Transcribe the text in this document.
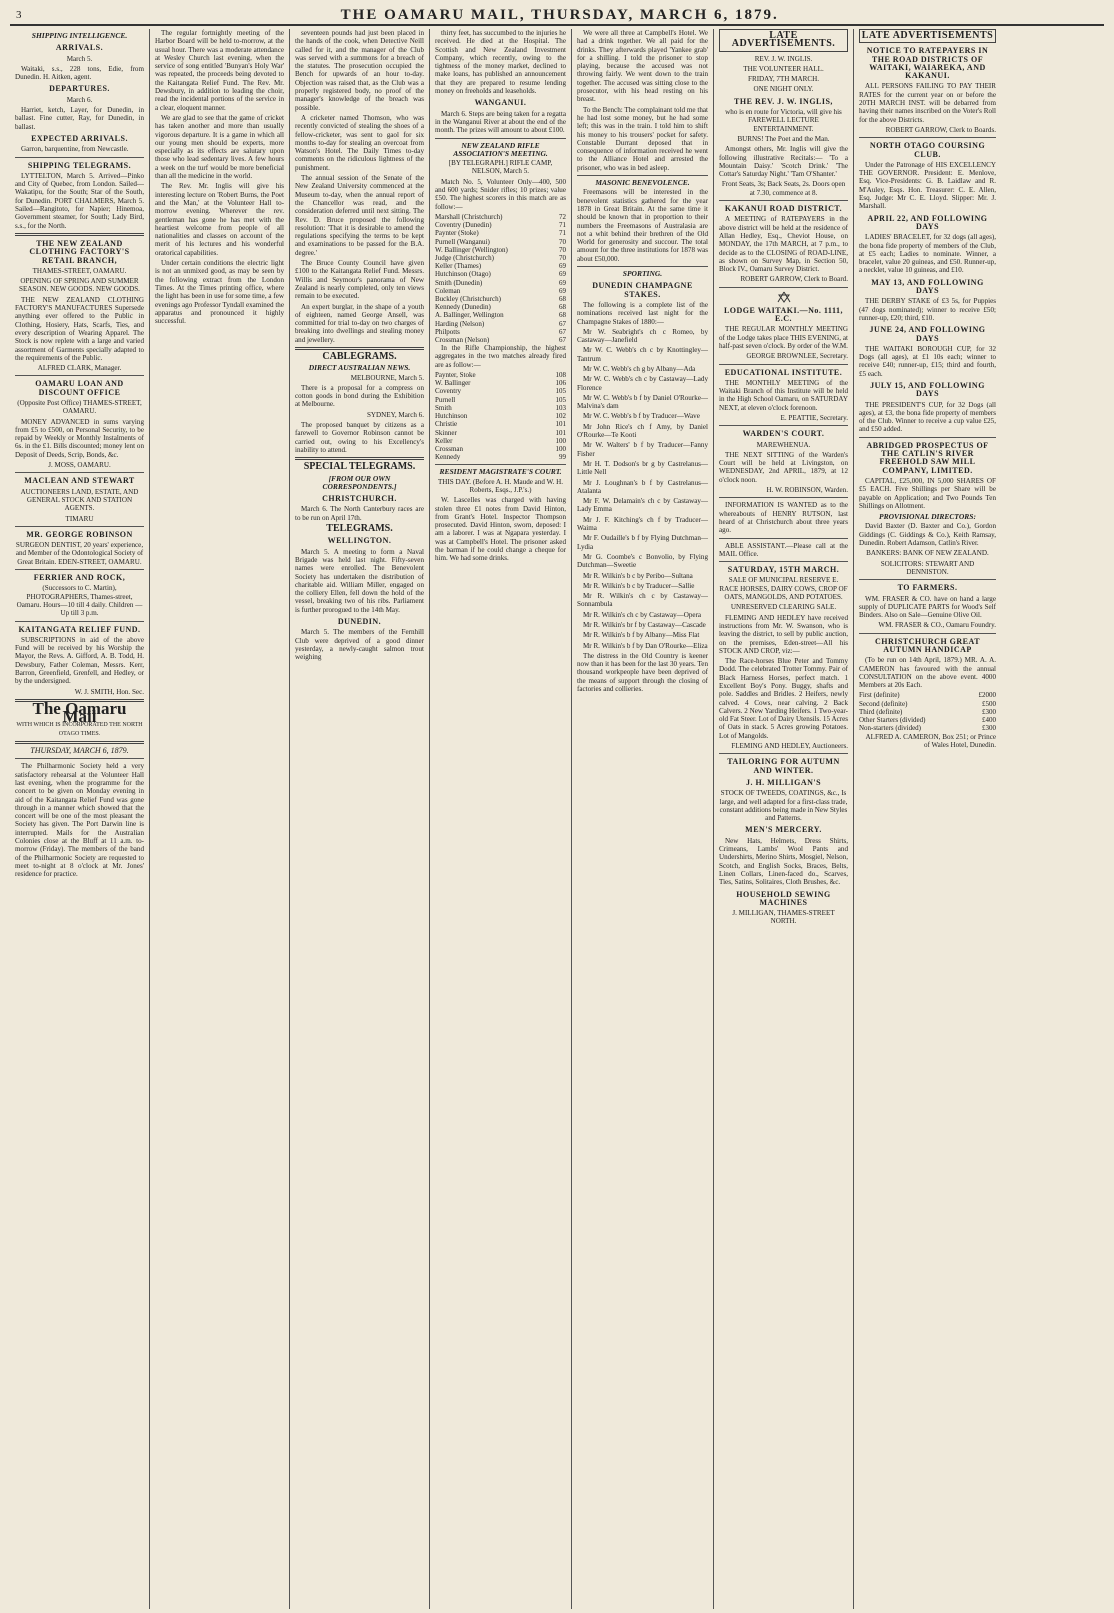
3	THE OAMARU MAIL, THURSDAY, MARCH 6, 1879.
SHIPPING INTELLIGENCE.
ARRIVALS.

March 5.

Waitaki, s.s., 228 tons, Edie, from Dunedin. H. Aitken, agent.

DEPARTURES.

March 6.

Harriet, ketch, Layer, for Dunedin, in ballast. Fine cutter, Ray, for Dunedin, in ballast.

EXPECTED ARRIVALS.

Garron, barquentine, from Newcastle.

SHIPPING TELEGRAMS.

LYTTELTON, March 5. Arrived—Pinko and City of Quebec, from London. Sailed—Wakatipu, for the South; Star of the South, for Dunedin. PORT CHALMERS, March 5. Sailed—Rangitoto, for Napier; Hinemoa, Government steamer, for South; Lady Bird, s.s., for the North.

THE NEW ZEALAND CLOTHING FACTORY'S RETAIL BRANCH,

THAMES-STREET, OAMARU.

OPENING OF SPRING AND SUMMER SEASON. NEW GOODS. NEW GOODS.

THE NEW ZEALAND CLOTHING FACTORY'S MANUFACTURES Supersede anything ever offered to the Public in Clothing, Hosiery, Hats, Scarfs, Ties, and every description of Wearing Apparel. The Stock is now replete with a large and varied assortment of Garments specially adapted to the requirements of the Public.

ALFRED CLARK, Manager.

OAMARU LOAN AND DISCOUNT OFFICE

(Opposite Post Office) THAMES-STREET, OAMARU.

MONEY ADVANCED in sums varying from £5 to £500, on Personal Security, to be repaid by Weekly or Monthly Instalments of 6s. in the £1. Bills discounted; money lent on Deposit of Deeds, Scrip, Bonds, &c.

J. MOSS, OAMARU.

MACLEAN AND STEWART

AUCTIONEERS LAND, ESTATE, AND GENERAL STOCK AND STATION AGENTS.

TIMARU

MR. GEORGE ROBINSON

SURGEON DENTIST, 20 years' experience, and Member of the Odontological Society of Great Britain. EDEN-STREET, OAMARU.

FERRIER AND ROCK,

(Successors to C. Martin), PHOTOGRAPHERS, Thames-street, Oamaru. Hours—10 till 4 daily. Children — Up till 3 p.m.

KAITANGATA RELIEF FUND.

SUBSCRIPTIONS in aid of the above Fund will be received by his Worship the Mayor, the Revs. A. Gifford, A. B. Todd, H. Dewsbury, Father Coleman, Messrs. Kerr, Barron, Greenfield, Grenfell, and Hedley, or by the undersigned.

W. J. SMITH, Hon. Sec.

The Oamaru Mail
WITH WHICH IS INCORPORATED THE NORTH OTAGO TIMES.
THURSDAY, MARCH 6, 1879.

The Philharmonic Society held a very satisfactory rehearsal at the Volunteer Hall last evening, when the programme for the concert to be given on Monday evening in aid of the Kaitangata Relief Fund was gone through in a manner which showed that the concert will be one of the most pleasant the Society has given. The Port Darwin line is interrupted. Mails for the Australian Colonies close at the Bluff at 11 a.m. to-morrow (Friday). The members of the band of the Philharmonic Society are requested to meet to-night at 8 o'clock at Mr. Jones' residence for practice.

The regular fortnightly meeting of the Harbor Board will be held to-morrow, at the usual hour. There was a moderate attendance at Wesley Church last evening, when the service of song entitled 'Bunyan's Holy War' was repeated, the proceeds being devoted to the Kaitangata Relief Fund. The Rev. Mr. Dewsbury, in addition to leading the choir, read the incidental portions of the service in a clear, eloquent manner.

We are glad to see that the game of cricket has taken another and more than usually vigorous departure. It is a game in which all our young men should be experts, more especially as its effects are salutary upon those who lead sedentary lives. A few hours a week on the turf would be more beneficial than all the medicine in the world.

The Rev. Mr. Inglis will give his interesting lecture on 'Robert Burns, the Poet and the Man,' at the Volunteer Hall to-morrow evening. Wherever the rev. gentleman has gone he has met with the heartiest welcome from people of all nationalities and classes on account of the merit of his lectures and his wonderful oratorical capabilities.

Under certain conditions the electric light is not an unmixed good, as may be seen by the following extract from the London Times. At the Times printing office, where the light has been in use for some time, a few evenings ago Professor Tyndall examined the apparatus and pronounced it highly successful.

seventeen pounds had just been placed in the hands of the cook, when Detective Neill called for it, and the manager of the Club was served with a summons for a breach of the statutes. The prosecution occupied the Bench for upwards of an hour to-day. Objection was raised that, as the Club was a properly registered body, no proof of the manager's knowledge of the breach was possible.

A cricketer named Thomson, who was recently convicted of stealing the shoes of a fellow-cricketer, was sent to gaol for six months to-day for stealing an overcoat from Watson's Hotel. The Daily Times to-day comments on the ridiculous lightness of the punishment.

The annual session of the Senate of the New Zealand University commenced at the Museum to-day, when the annual report of the Chancellor was read, and the consideration deferred until next sitting. The Rev. D. Bruce proposed the following resolution: 'That it is desirable to amend the regulations specifying the terms to be kept and examinations to be passed for the B.A. degree.'

The Bruce County Council have given £100 to the Kaitangata Relief Fund. Messrs. Willis and Seymour's panorama of New Zealand is nearly completed, only ten views remain to be executed.

An expert burglar, in the shape of a youth of eighteen, named George Ansell, was committed for trial to-day on two charges of breaking into dwellings and stealing money and jewellery.

CABLEGRAMS.
DIRECT AUSTRALIAN NEWS.

MELBOURNE, March 5.

There is a proposal for a compress on cotton goods in bond during the Exhibition at Melbourne.

SYDNEY, March 6.

The proposed banquet by citizens as a farewell to Governor Robinson cannot be carried out, owing to his Excellency's inability to attend.

SPECIAL TELEGRAMS.
[FROM OUR OWN CORRESPONDENTS.]
CHRISTCHURCH.

March 6. The North Canterbury races are to be run on April 17th.

TELEGRAMS.
WELLINGTON.

March 5. A meeting to form a Naval Brigade was held last night. Fifty-seven names were enrolled. The Benevolent Society has undertaken the distribution of charitable aid. William Miller, engaged on the colliery Ellen, fell down the hold of the vessel, breaking two of his ribs. Parliament is further prorogued to the 14th May.

DUNEDIN.

March 5. The members of the Fernhill Club were deprived of a good dinner yesterday, a newly-caught salmon trout weighing

thirty feet, has succumbed to the injuries he received. He died at the Hospital. The Scottish and New Zealand Investment Company, which recently, owing to the tightness of the money market, declined to make loans, has published an announcement that they are prepared to resume lending money on freeholds and leaseholds.

WANGANUI.

March 6. Steps are being taken for a regatta in the Wanganui River at about the end of the month. The prizes will amount to about £100.

NEW ZEALAND RIFLE ASSOCIATION'S MEETING.

[BY TELEGRAPH.] RIFLE CAMP, NELSON, March 5.

Match No. 5, Volunteer Only—400, 500 and 600 yards; Snider rifles; 10 prizes; value £50. The highest scorers in this match are as follow:—

Marshall (Christchurch)	72
Coventry (Dunedin)	71
Paynter (Stoke)	71
Purnell (Wanganui)	70
W. Ballinger (Wellington)	70
Judge (Christchurch)	70
Keller (Thames)	69
Hutchinson (Otago)	69
Smith (Dunedin)	69
Coleman	69
Buckley (Christchurch)	68
Kennedy (Dunedin)	68
A. Ballinger, Wellington	68
Harding (Nelson)	67
Philpotts	67
Crossman (Nelson)	67

In the Rifle Championship, the highest aggregates in the two matches already fired are as follow:—

Paynter, Stoke	108
W. Ballinger	106
Coventry	105
Purnell	105
Smith	103
Hutchinson	102
Christie	101
Skinner	101
Keller	100
Crossman	100
Kennedy	99
RESIDENT MAGISTRATE'S COURT.

THIS DAY. (Before A. H. Maude and W. H. Roberts, Esqs., J.P.'s.)

W. Lascelles was charged with having stolen three £1 notes from David Hinton, from Grant's Hotel. Inspector Thompson prosecuted. David Hinton, sworn, deposed: I am a laborer. I was at Ngapara yesterday. I was at Campbell's Hotel. The prisoner asked the barman if he could change a cheque for him. We had some drinks.

We were all three at Campbell's Hotel. We had a drink together. We all paid for the drinks. They afterwards played 'Yankee grab' for a shilling. I told the prisoner to stop playing, because the accused was not throwing fairly. We went down to the train together. The accused was sitting close to the prosecutor, with his head resting on his breast.

To the Bench: The complainant told me that he had lost some money, but he had some left; this was in the train. I told him to shift his money to his trousers' pocket for safety. Constable Durrant deposed that in consequence of information received he went to the Alliance Hotel and arrested the prisoner, who was in bed asleep.

MASONIC BENEVOLENCE.

Freemasons will be interested in the benevolent statistics gathered for the year 1878 in Great Britain. At the same time it should be known that in proportion to their numbers the Freemasons of Australasia are not a whit behind their brethren of the Old World for generosity and succour. The total amount for the three institutions for 1878 was about £50,000.

SPORTING.
DUNEDIN CHAMPAGNE STAKES.

The following is a complete list of the nominations received last night for the Champagne Stakes of 1880:—

Mr W. Seabright's ch c Romeo, by Castaway—Janefield

Mr W. C. Webb's ch c by Knottingley—Tantrum

Mr W. C. Webb's ch g by Albany—Ada

Mr W. C. Webb's ch c by Castaway—Lady Florence

Mr W. C. Webb's b f by Daniel O'Rourke—Malvina's dam

Mr W. C. Webb's b f by Traducer—Wave

Mr John Rice's ch f Amy, by Daniel O'Rourke—Te Kooti

Mr W. Walters' b f by Traducer—Fanny Fisher

Mr H. T. Dodson's br g by Castrelanus—Little Nell

Mr J. Loughnan's b f by Castrelanus—Atalanta

Mr F. W. Delamain's ch c by Castaway—Lady Emma

Mr J. F. Kitching's ch f by Traducer—Waima

Mr F. Oudaille's b f by Flying Dutchman—Lydia

Mr G. Coombe's c Bonvolio, by Flying Dutchman—Sweetie

Mr R. Wilkin's b c by Peribo—Sultana

Mr R. Wilkin's b c by Traducer—Sallie

Mr R. Wilkin's ch c by Castaway—Sonnambula

Mr R. Wilkin's ch c by Castaway—Opera

Mr R. Wilkin's br f by Castaway—Cascade

Mr R. Wilkin's b f by Albany—Miss Flat

Mr R. Wilkin's b f by Dan O'Rourke—Eliza

The distress in the Old Country is keener now than it has been for the last 30 years. Ten thousand workpeople have been deprived of the means of support through the closing of factories and collieries.

LATE ADVERTISEMENTS.

REV. J. W. INGLIS.

THE VOLUNTEER HALL.

FRIDAY, 7TH MARCH.

ONE NIGHT ONLY.

THE REV. J. W. INGLIS,

who is en route for Victoria, will give his FAREWELL LECTURE ENTERTAINMENT.

BURNS! The Poet and the Man.

Amongst others, Mr. Inglis will give the following illustrative Recitals:— 'To a Mountain Daisy.' 'Scotch Drink.' 'The Cottar's Saturday Night.' 'Tam O'Shanter.'

Front Seats, 3s; Back Seats, 2s. Doors open at 7.30, commence at 8.

KAKANUI ROAD DISTRICT.

A MEETING of RATEPAYERS in the above district will be held at the residence of Allan Hedley, Esq., Cheviot House, on MONDAY, the 17th MARCH, at 7 p.m., to decide as to the CLOSING of ROAD-LINE, as shown on Survey Map, in Section 50, Block IV., Oamaru Survey District.

ROBERT GARROW, Clerk to Board.

LODGE WAITAKI.—No. 1111, E.C.

THE REGULAR MONTHLY MEETING of the Lodge takes place THIS EVENING, at half-past seven o'clock. By order of the W.M.

GEORGE BROWNLEE, Secretary.

EDUCATIONAL INSTITUTE.

THE MONTHLY MEETING of the Waitaki Branch of this Institute will be held in the High School Oamaru, on SATURDAY NEXT, at eleven o'clock forenoon.

E. PEATTIE, Secretary.

WARDEN'S COURT.

MAREWHENUA.

THE NEXT SITTING of the Warden's Court will be held at Livingston, on WEDNESDAY, 2nd APRIL, 1879, at 12 o'clock noon.

H. W. ROBINSON, Warden.

INFORMATION IS WANTED as to the whereabouts of HENRY RUTSON, last heard of at Christchurch about three years ago.

ABLE ASSISTANT.—Please call at the MAIL Office.

SATURDAY, 15TH MARCH.

SALE OF MUNICIPAL RESERVE E. RACE HORSES, DAIRY COWS, CROP OF OATS, MANGOLDS, AND POTATOES.

UNRESERVED CLEARING SALE.

FLEMING AND HEDLEY have received instructions from Mr. W. Swanson, who is leaving the district, to sell by public auction, on the premises, Eden-street—All his STOCK AND CROP, viz:—

The Race-horses Blue Peter and Tommy Dodd. The celebrated Trotter Tommy. Pair of Black Harness Horses, perfect match. 1 Excellent Boy's Pony. Buggy, shafts and pole. Saddles and Bridles. 2 Heifers, newly calved. 4 Cows, near calving. 2 Back Calvers. 2 New Yarding Heifers. 1 Two-year-old Fat Steer. Lot of Dairy Utensils. 15 Acres of Oats in stack. 5 Acres growing Potatoes. Lot of Mangolds.

FLEMING AND HEDLEY, Auctioneers.

TAILORING FOR AUTUMN AND WINTER.
J. H. MILLIGAN'S

STOCK OF TWEEDS, COATINGS, &c., Is large, and well adapted for a first-class trade, constant additions being made in New Styles and Patterns.

MEN'S MERCERY.

New Hats, Helmets, Dress Shirts, Crimeans, Lambs' Wool Pants and Undershirts, Merino Shirts, Mosgiel, Nelson, Scotch, and English Socks, Braces, Belts, Linen Collars, Linen-faced do., Scarves, Ties, Satins, Solitaires, Cloth Brushes, &c.

HOUSEHOLD SEWING MACHINES

J. MILLIGAN, THAMES-STREET NORTH.

LATE ADVERTISEMENTS
NOTICE TO RATEPAYERS IN THE ROAD DISTRICTS OF WAITAKI, WAIAREKA, AND KAKANUI.

ALL PERSONS FAILING TO PAY THEIR RATES for the current year on or before the 20TH MARCH INST. will be debarred from having their names inscribed on the Voter's Roll for the above Districts.

ROBERT GARROW, Clerk to Boards.

NORTH OTAGO COURSING CLUB.

Under the Patronage of HIS EXCELLENCY THE GOVERNOR. President: E. Menlove, Esq. Vice-Presidents: G. B. Laidlaw and R. M'Auley, Esqs. Hon. Treasurer: C. E. Allen, Esq. Judge: Mr C. E. Lloyd. Slipper: Mr. J. Marshall.

APRIL 22, AND FOLLOWING DAYS

LADIES' BRACELET, for 32 dogs (all ages), the bona fide property of members of the Club, at £5 each; Ladies to nominate. Winner, a bracelet, value 20 guineas, and £50. Runner-up, a necklet, value 10 guineas, and £10.

MAY 13, AND FOLLOWING DAYS

THE DERBY STAKE of £3 5s, for Puppies (47 dogs nominated); winner to receive £50; runner-up, £20; third, £10.

JUNE 24, AND FOLLOWING DAYS

THE WAITAKI BOROUGH CUP, for 32 Dogs (all ages), at £1 10s each; winner to receive £40; runner-up, £15; third and fourth, £5 each.

JULY 15, AND FOLLOWING DAYS

THE PRESIDENT'S CUP, for 32 Dogs (all ages), at £3, the bona fide property of members of the Club. Winner to receive a cup value £25, and £50 added.

ABRIDGED PROSPECTUS OF THE CATLIN'S RIVER FREEHOLD SAW MILL COMPANY, LIMITED.

CAPITAL, £25,000, IN 5,000 SHARES OF £5 EACH. Five Shillings per Share will be payable on Application; and Two Pounds Ten Shillings on Allotment.

PROVISIONAL DIRECTORS:

David Baxter (D. Baxter and Co.), Gordon Giddings (C. Giddings & Co.), Keith Ramsay, Dunedin. Robert Adamson, Catlin's River.

BANKERS: BANK OF NEW ZEALAND.

SOLICITORS: STEWART AND DENNISTON.

TO FARMERS.

WM. FRASER & CO. have on hand a large supply of DUPLICATE PARTS for Wood's Self Binders. Also on Sale—Genuine Olive Oil.

WM. FRASER & CO., Oamaru Foundry.

CHRISTCHURCH GREAT AUTUMN HANDICAP

(To be run on 14th April, 1879.) MR. A. A. CAMERON has favoured with the annual CONSULTATION on the above event. 4000 Members at 20s Each.

First (definite)	£2000
Second (definite)	£500
Third (definite)	£300
Other Starters (divided)	£400
Non-starters (divided)	£300

ALFRED A. CAMERON, Box 251; or Prince of Wales Hotel, Dunedin.
